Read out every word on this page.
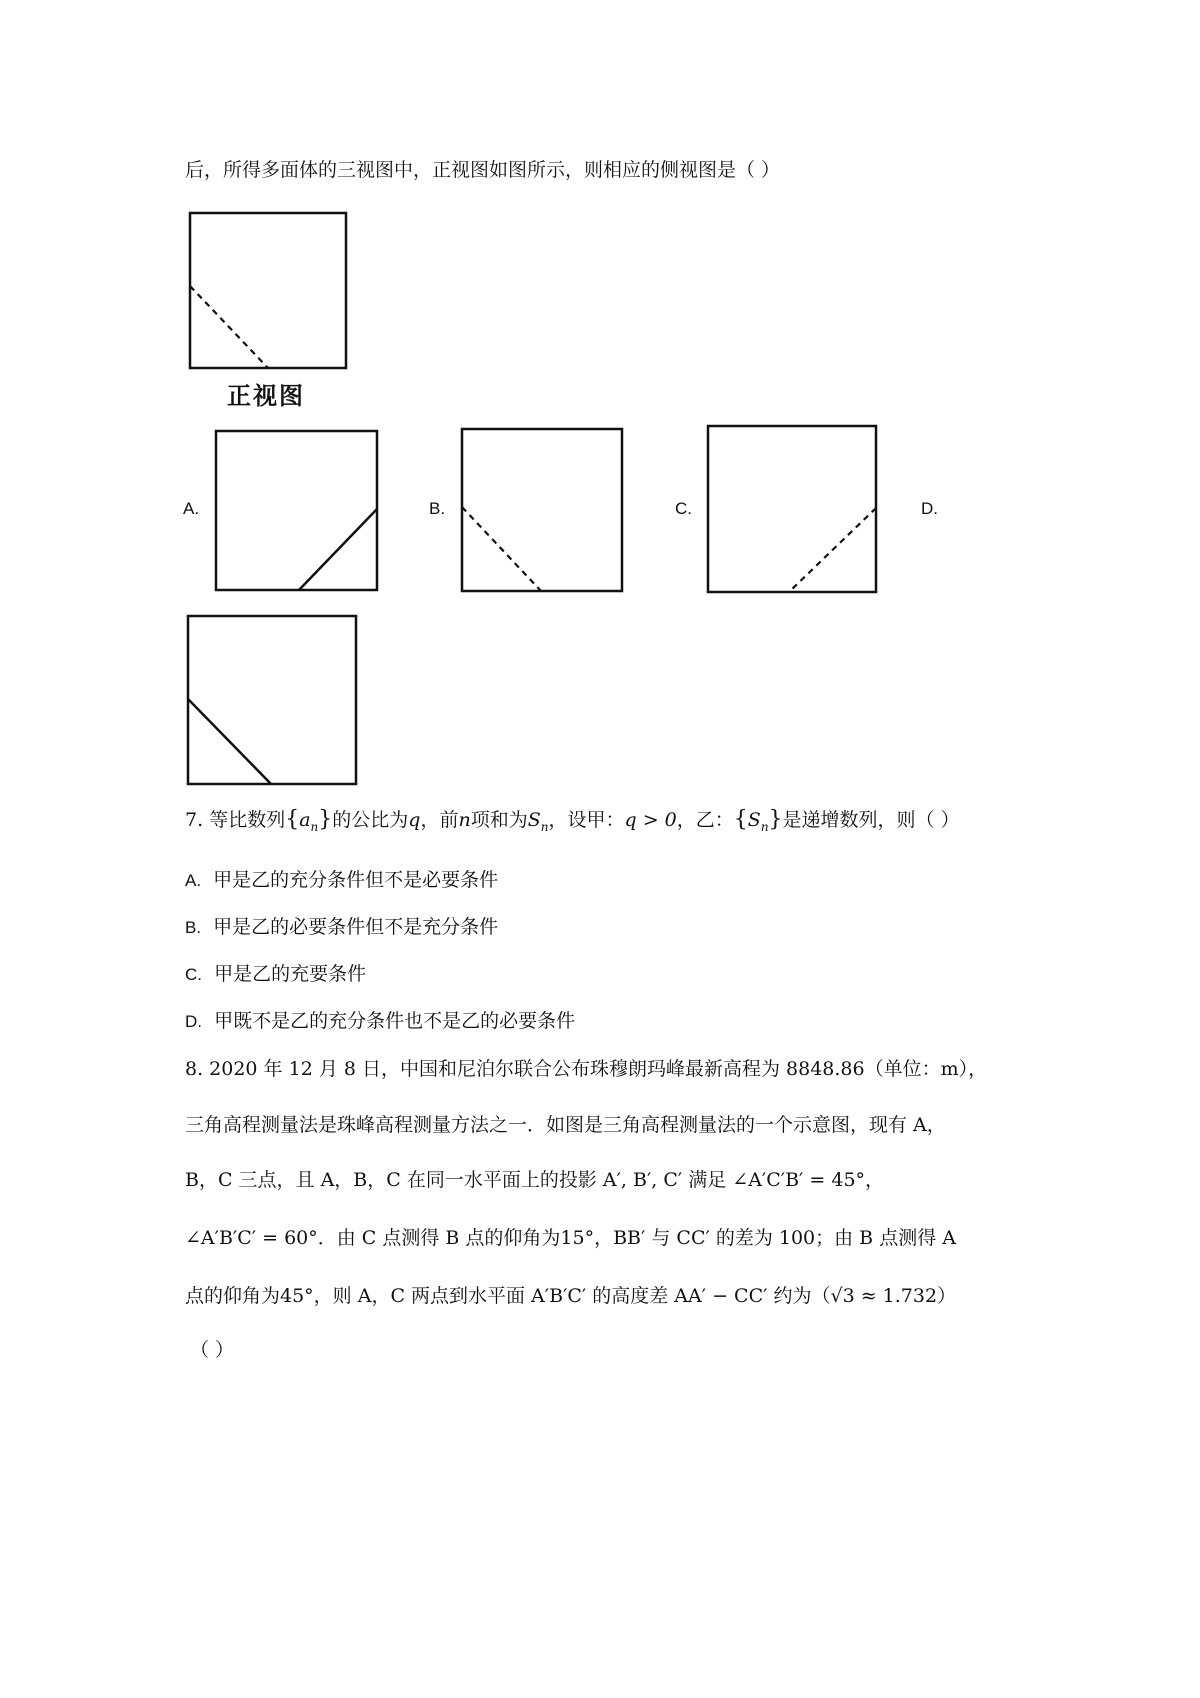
后，所得多面体的三视图中，正视图如图所示，则相应的侧视图是（ ）
正视图
A.	B.	C.	D.
7. 等比数列$\{a_n\}$的公比为q，前n项和为$S_n$，设甲：q > 0，乙：$\{S_n\}$是递增数列，则（ ）
A. 甲是乙的充分条件但不是必要条件
B. 甲是乙的必要条件但不是充分条件
C. 甲是乙的充要条件
D. 甲既不是乙的充分条件也不是乙的必要条件
8. 2020 年 12 月 8 日，中国和尼泊尔联合公布珠穆朗玛峰最新高程为 8848.86（单位：m），
三角高程测量法是珠峰高程测量方法之一．如图是三角高程测量法的一个示意图，现有 A，
B，C 三点，且 A，B，C 在同一水平面上的投影 A′, B′, C′ 满足 ∠A′C′B′ = 45°，
∠A′B′C′ = 60°．由 C 点测得 B 点的仰角为15°，BB′ 与 CC′ 的差为 100；由 B 点测得 A
点的仰角为45°，则 A，C 两点到水平面 A′B′C′ 的高度差 AA′ − CC′ 约为（√3 ≈ 1.732）
（ ）
